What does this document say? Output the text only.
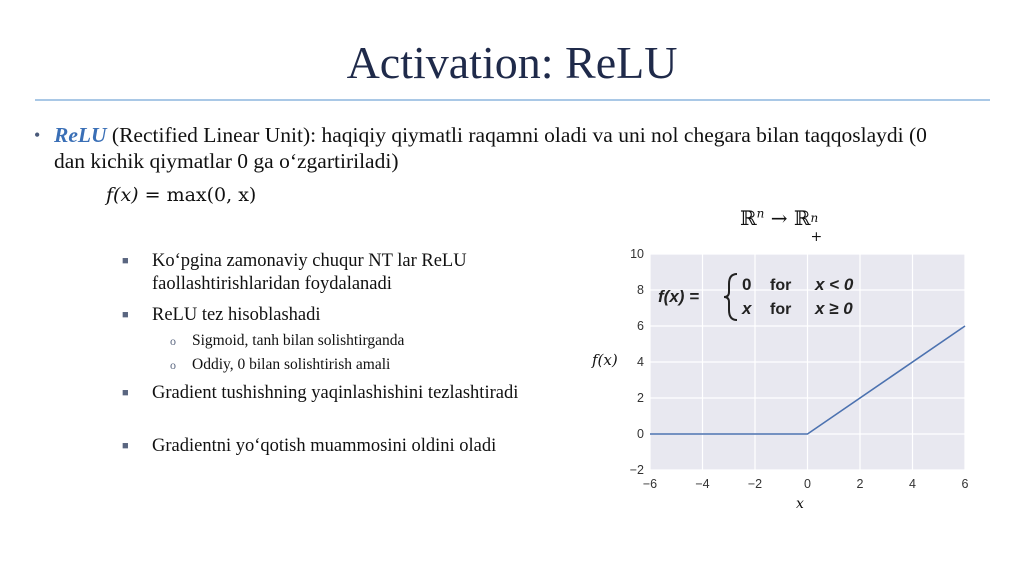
Activation: ReLU
• ReLU (Rectified Linear Unit): haqiqiy qiymatli raqamni oladi va uni nol chegara bilan taqqoslaydi (0 dan kichik qiymatlar 0 ga o‘zgartiriladi)
f(x) = max(0, x)
ℝ$^n$ → ℝ n
+
■ Ko‘pgina zamonaviy chuqur NT lar ReLU faollashtirishlaridan foydalanadi
■ ReLU tez hisoblashadi
o Sigmoid, tanh bilan solishtirganda
o Oddiy, 0 bilan solishtirish amali
■ Gradient tushishning yaqinlashishini tezlashtiradi
■ Gradientni yo‘qotish muammosini oldini oladi
f(x)
x
−6	−4	−2	0	2	4	6
−2
0
2
4
6
8
10
f(x) =
0 for x < 0
x for x ≥ 0
